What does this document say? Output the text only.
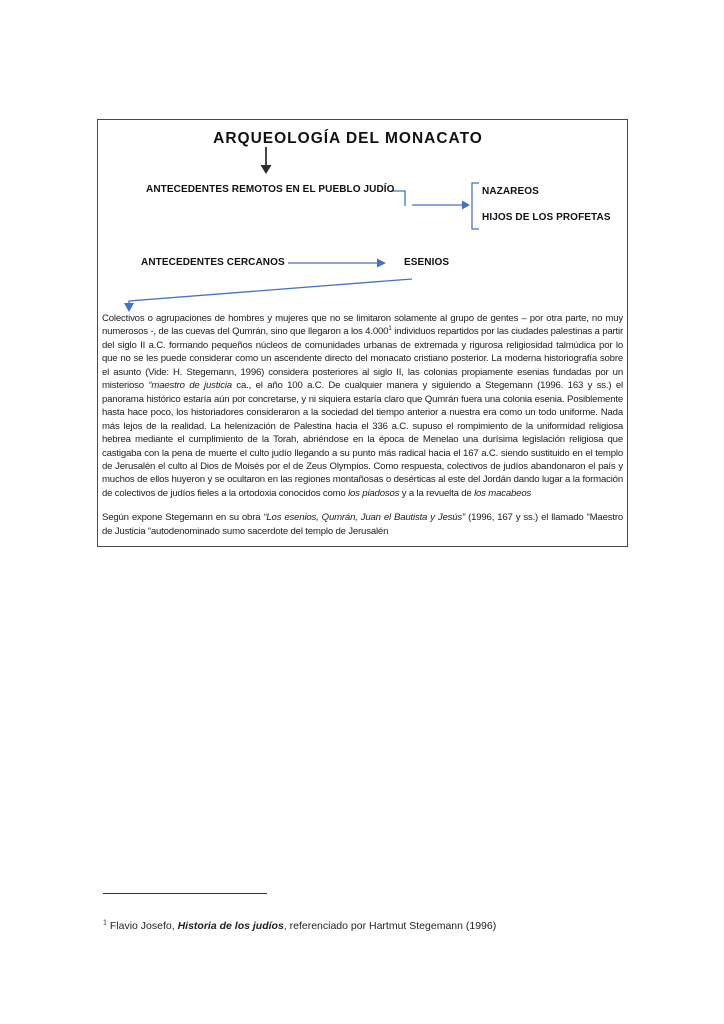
ARQUEOLOGÍA DEL MONACATO
ANTECEDENTES REMOTOS EN EL PUEBLO JUDÍO	NAZAREOS
HIJOS DE LOS PROFETAS
ANTECEDENTES CERCANOS	ESENIOS

Colectivos o agrupaciones de hombres y mujeres que no se limitaron solamente al grupo de gentes – por otra parte, no muy numerosos -, de las cuevas del Qumrán, sino que llegaron a los 4.000$^1$ individuos repartidos por las ciudades palestinas a partir del siglo II a.C. formando pequeños núcleos de comunidades urbanas de extremada y rigurosa religiosidad talmúdica por lo que no se les puede considerar como un ascendente directo del monacato cristiano posterior. La moderna historiografía sobre el asunto (Vide: H. Stegemann, 1996) considera posteriores al siglo II, las colonias propiamente esenias fundadas por un misterioso “maestro de justicia ca., el año 100 a.C. De cualquier manera y siguiendo a Stegemann (1996. 163 y ss.) el panorama histórico estaría aún por concretarse, y ni siquiera estaría claro que Qumrán fuera una colonia esenia. Posiblemente hasta hace poco, los historiadores consideraron a la sociedad del tiempo anterior a nuestra era como un todo uniforme. Nada más lejos de la realidad. La helenización de Palestina hacia el 336 a.C. supuso el rompimiento de la uniformidad religiosa hebrea mediante el cumplimiento de la Torah, abriéndose en la época de Menelao una durísima legislación religiosa que castigaba con la pena de muerte el culto judío llegando a su punto más radical hacia el 167 a.C. siendo sustituido en el templo de Jerusalén el culto al Dios de Moisés por el de Zeus Olympios. Como respuesta, colectivos de judíos abandonaron el país y muchos de ellos huyeron y se ocultaron en las regiones montañosas o desérticas al este del Jordán dando lugar a la formación de colectivos de judíos fieles a la ortodoxia conocidos como los piadosos y a la revuelta de los macabeos

Según expone Stegemann en su obra “Los esenios, Qumrán, Juan el Bautista y Jesús” (1996, 167 y ss.) el llamado “Maestro de Justicia “autodenominado sumo sacerdote del templo de Jerusalén

$^1$ Flavio Josefo, Historia de los judíos, referenciado por Hartmut Stegemann (1996)
